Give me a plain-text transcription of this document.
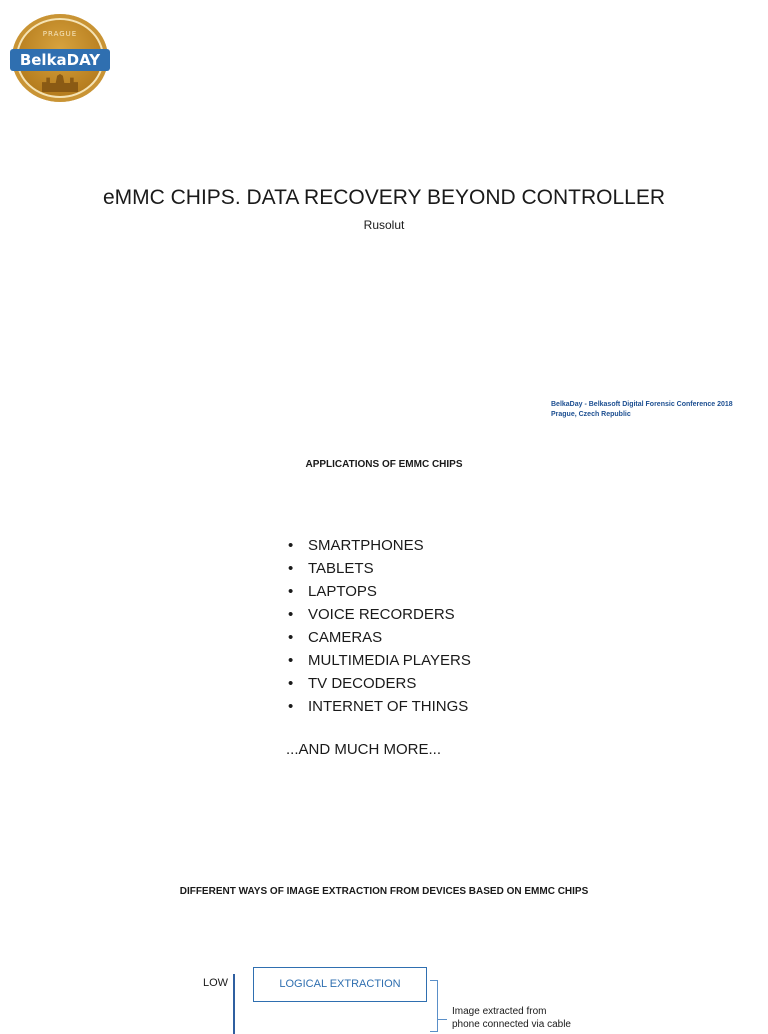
PRAGUE
BelkaDAY
eMMC CHIPS. DATA RECOVERY BEYOND CONTROLLER
Rusolut
BelkaDay - Belkasoft Digital Forensic Conference 2018
Prague, Czech Republic
APPLICATIONS OF EMMC CHIPS
• SMARTPHONES
• TABLETS
• LAPTOPS
• VOICE RECORDERS
• CAMERAS
• MULTIMEDIA PLAYERS
• TV DECODERS
• INTERNET OF THINGS
...AND MUCH MORE...
DIFFERENT WAYS OF IMAGE EXTRACTION FROM DEVICES BASED ON EMMC CHIPS
LOW	LOGICAL EXTRACTION
Image extracted from
phone connected via cable
